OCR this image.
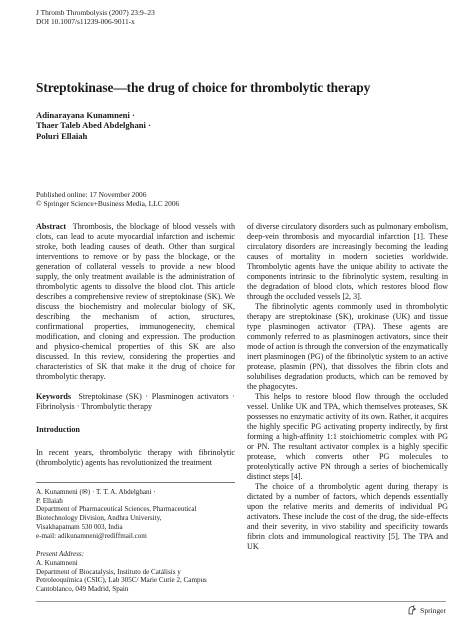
J Thromb Thrombolysis (2007) 23:9–23
DOI 10.1007/s11239-006-9011-x
Streptokinase—the drug of choice for thrombolytic therapy
Adinarayana Kunamneni ·
Thaer Taleb Abed Abdelghani ·
Poluri Ellaiah
Published online: 17 November 2006
© Springer Science+Business Media, LLC 2006

Abstract Thrombosis, the blockage of blood vessels with clots, can lead to acute myocardial infarction and ischemic stroke, both leading causes of death. Other than surgical interventions to remove or by pass the blockage, or the generation of collateral vessels to provide a new blood supply, the only treatment available is the administration of thrombolytic agents to dissolve the blood clot. This article describes a comprehensive review of streptokinase (SK). We discuss the biochemistry and molecular biology of SK, describing the mechanism of action, structures, confirmational properties, immunogenecity, chemical modification, and cloning and expression. The production and physico-chemical properties of this SK are also discussed. In this review, considering the properties and characteristics of SK that make it the drug of choice for thrombolytic therapy.

Keywords Streptokinase (SK) · Plasminogen activators · Fibrinolysis · Thrombolytic therapy

Introduction

In recent years, thrombolytic therapy with fibrinolytic (thrombolytic) agents has revolutionized the treatment

A. Kunamneni (✉) · T. T. A. Abdelghani ·
P. Ellaiah
Department of Pharmaceutical Sciences, Pharmaceutical
Biotechnology Division, Andhra University,
Visakhapatnam 530 003, India
e-mail: adikunamneni@rediffmail.com
Present Address:
A. Kunamneni
Department of Biocatalysis, Instituto de Catálisis y
Petroleoquímica (CSIC), Lab 305C/ Marie Curie 2, Campus
Cantoblanco, 049 Madrid, Spain

of diverse circulatory disorders such as pulmonary embolism, deep-vein thrombosis and myocardial infarction [1]. These circulatory disorders are increasingly becoming the leading causes of mortality in modern societies worldwide. Thrombolytic agents have the unique ability to activate the components intrinsic to the fibrinolytic system, resulting in the degradation of blood clots, which restores blood flow through the occluded vessels [2, 3].

The fibrinolytic agents commonly used in thrombolytic therapy are streptokinase (SK), urokinase (UK) and tissue type plasminogen activator (TPA). These agents are commonly referred to as plasminogen activators, since their mode of action is through the conversion of the enzymatically inert plasminogen (PG) of the fibrinolytic system to an active protease, plasmin (PN), that dissolves the fibrin clots and solubilises degradation products, which can be removed by the phagocytes.

This helps to restore blood flow through the occluded vessel. Unlike UK and TPA, which themselves proteases, SK possesses no enzymatic activity of its own. Rather, it acquires the highly specific PG activating property indirectly, by first forming a high-affinity 1:1 stoichiometric complex with PG or PN. The resultant activator complex is a highly specific protease, which converts other PG molecules to proteolytically active PN through a series of biochemically distinct steps [4].

The choice of a thrombolytic agent during therapy is dictated by a number of factors, which depends essentially upon the relative merits and demerits of individual PG activators. These include the cost of the drug, the side-effects and their severity, in vivo stability and specificity towards fibrin clots and immunological reactivity [5]. The TPA and UK

Springer
